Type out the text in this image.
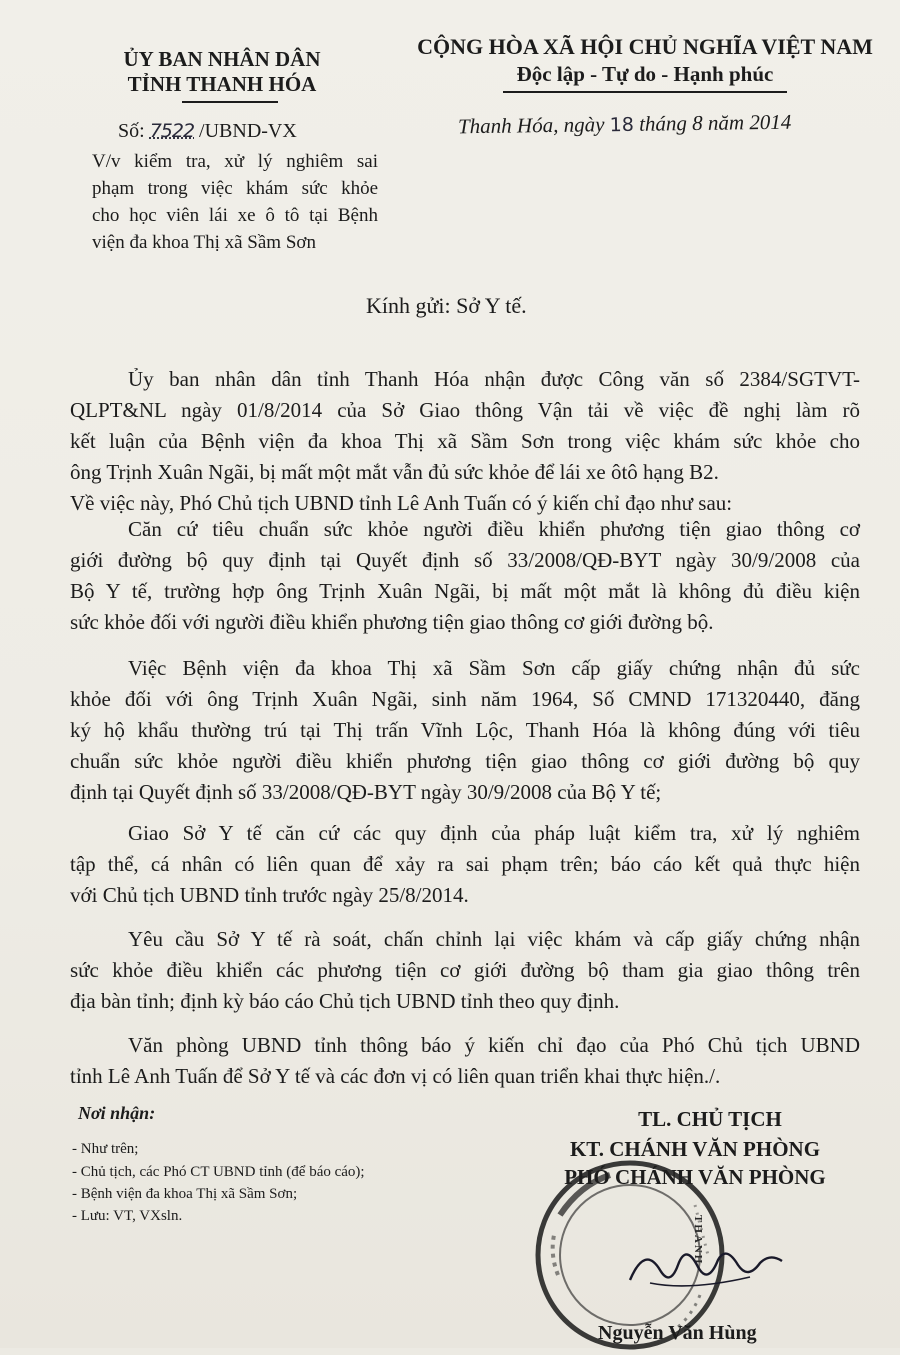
ỦY BAN NHÂN DÂN
TỈNH THANH HÓA
CỘNG HÒA XÃ HỘI CHỦ NGHĨA VIỆT NAM
Độc lập - Tự do - Hạnh phúc
Số: 7522 /UBND-VX	Thanh Hóa, ngày 18 tháng 8 năm 2014
V/v kiểm tra, xử lý nghiêm sai
phạm trong việc khám sức khỏe
cho học viên lái xe ô tô tại Bệnh
viện đa khoa Thị xã Sầm Sơn
Kính gửi: Sở Y tế.
Ủy ban nhân dân tỉnh Thanh Hóa nhận được Công văn số 2384/SGTVT-
QLPT&NL ngày 01/8/2014 của Sở Giao thông Vận tải về việc đề nghị làm rõ
kết luận của Bệnh viện đa khoa Thị xã Sầm Sơn trong việc khám sức khỏe cho
ông Trịnh Xuân Ngãi, bị mất một mắt vẫn đủ sức khỏe để lái xe ôtô hạng B2.
Về việc này, Phó Chủ tịch UBND tỉnh Lê Anh Tuấn có ý kiến chỉ đạo như sau:
Căn cứ tiêu chuẩn sức khỏe người điều khiển phương tiện giao thông cơ
giới đường bộ quy định tại Quyết định số 33/2008/QĐ-BYT ngày 30/9/2008 của
Bộ Y tế, trường hợp ông Trịnh Xuân Ngãi, bị mất một mắt là không đủ điều kiện
sức khỏe đối với người điều khiển phương tiện giao thông cơ giới đường bộ.
Việc Bệnh viện đa khoa Thị xã Sầm Sơn cấp giấy chứng nhận đủ sức
khỏe đối với ông Trịnh Xuân Ngãi, sinh năm 1964, Số CMND 171320440, đăng
ký hộ khẩu thường trú tại Thị trấn Vĩnh Lộc, Thanh Hóa là không đúng với tiêu
chuẩn sức khỏe người điều khiển phương tiện giao thông cơ giới đường bộ quy
định tại Quyết định số 33/2008/QĐ-BYT ngày 30/9/2008 của Bộ Y tế;
Giao Sở Y tế căn cứ các quy định của pháp luật kiểm tra, xử lý nghiêm
tập thể, cá nhân có liên quan để xảy ra sai phạm trên; báo cáo kết quả thực hiện
với Chủ tịch UBND tỉnh trước ngày 25/8/2014.
Yêu cầu Sở Y tế rà soát, chấn chỉnh lại việc khám và cấp giấy chứng nhận
sức khỏe điều khiển các phương tiện cơ giới đường bộ tham gia giao thông trên
địa bàn tỉnh; định kỳ báo cáo Chủ tịch UBND tỉnh theo quy định.
Văn phòng UBND tỉnh thông báo ý kiến chỉ đạo của Phó Chủ tịch UBND
tỉnh Lê Anh Tuấn để Sở Y tế và các đơn vị có liên quan triển khai thực hiện./.
Nơi nhận:
- Như trên;
- Chủ tịch, các Phó CT UBND tỉnh (để báo cáo);
- Bệnh viện đa khoa Thị xã Sầm Sơn;
- Lưu: VT, VXsln.	THANH
TL. CHỦ TỊCH
KT. CHÁNH VĂN PHÒNG
PHÓ CHÁNH VĂN PHÒNG
Nguyễn Văn Hùng
